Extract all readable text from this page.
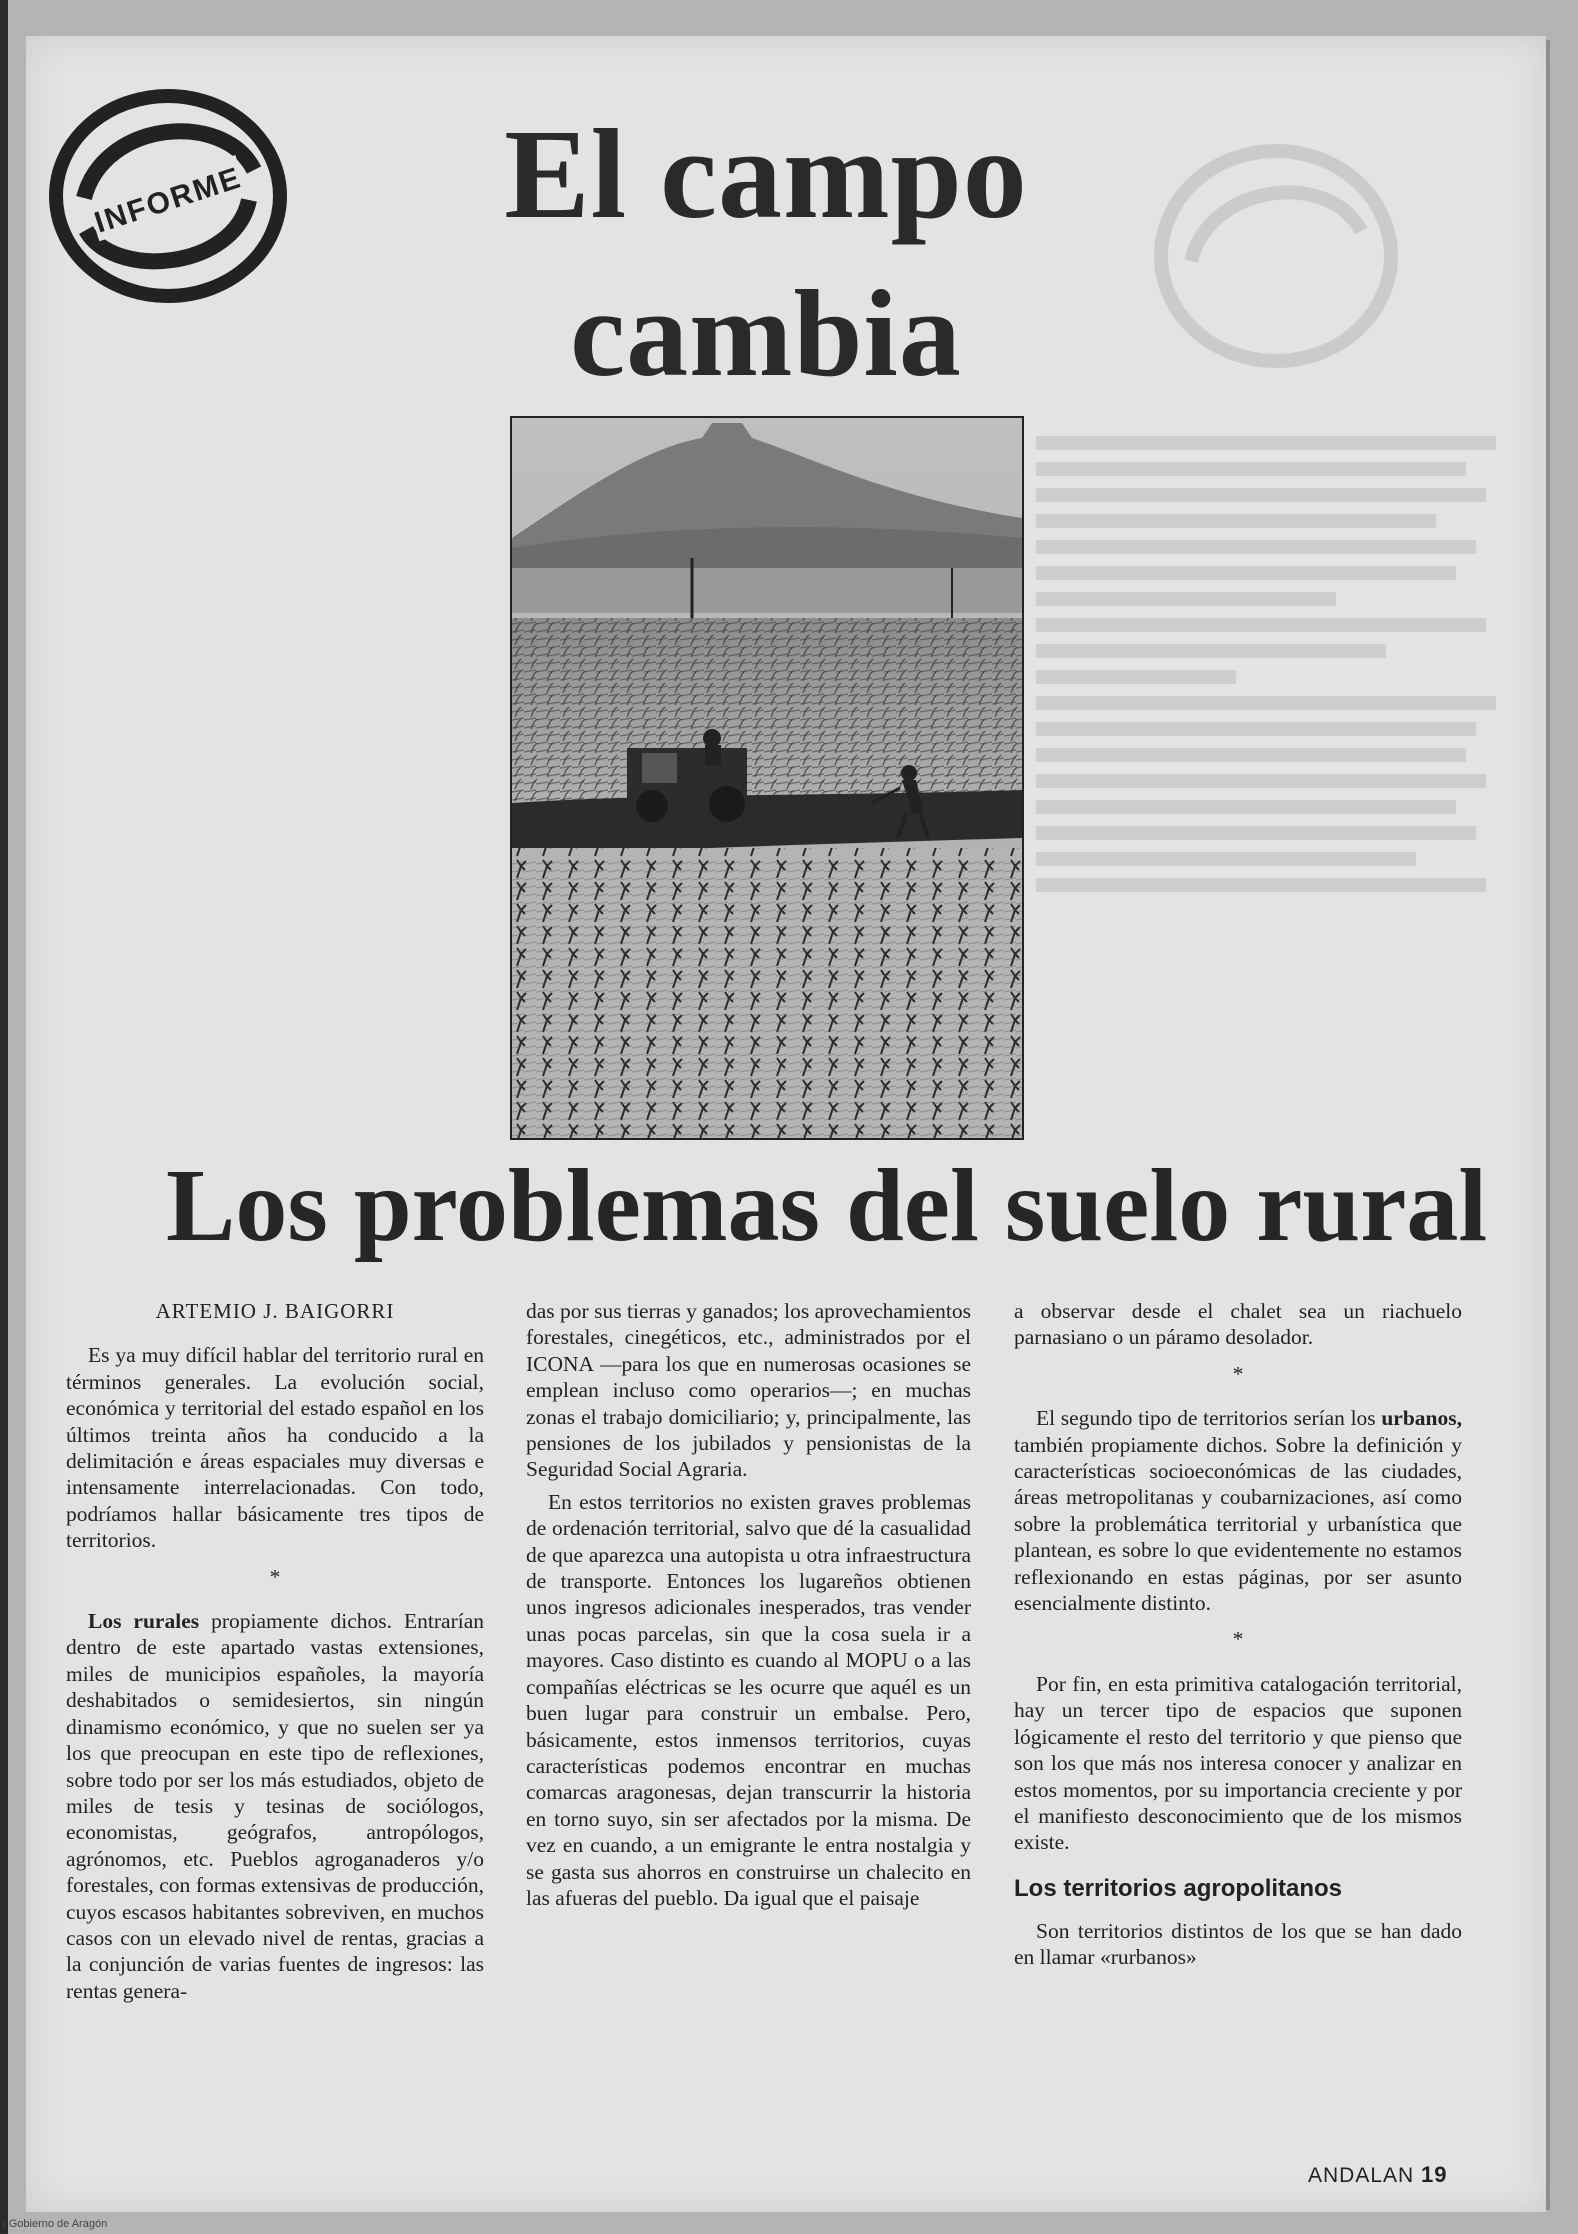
INFORME	El campo
cambia
Los problemas del suelo rural

ARTEMIO J. BAIGORRI

Es ya muy difícil hablar del territorio rural en términos generales. La evolución social, económica y territorial del estado español en los últimos treinta años ha conducido a la delimitación e áreas espaciales muy diversas e intensamente interrelacionadas. Con todo, podríamos hallar básicamente tres tipos de territorios.

*

Los rurales propiamente dichos. Entrarían dentro de este apartado vastas extensiones, miles de municipios españoles, la mayoría deshabitados o semidesiertos, sin ningún dinamismo económico, y que no suelen ser ya los que preocupan en este tipo de reflexiones, sobre todo por ser los más estudiados, objeto de miles de tesis y tesinas de sociólogos, economistas, geógrafos, antropólogos, agrónomos, etc. Pueblos agroganaderos y/o forestales, con formas extensivas de producción, cuyos escasos habitantes sobreviven, en muchos casos con un elevado nivel de rentas, gracias a la conjunción de varias fuentes de ingresos: las rentas genera-

das por sus tierras y ganados; los aprovechamientos forestales, cinegéticos, etc., administrados por el ICONA —para los que en numerosas ocasiones se emplean incluso como operarios—; en muchas zonas el trabajo domiciliario; y, principalmente, las pensiones de los jubilados y pensionistas de la Seguridad Social Agraria.

En estos territorios no existen graves problemas de ordenación territorial, salvo que dé la casualidad de que aparezca una autopista u otra infraestructura de transporte. Entonces los lugareños obtienen unos ingresos adicionales inesperados, tras vender unas pocas parcelas, sin que la cosa suela ir a mayores. Caso distinto es cuando al MOPU o a las compañías eléctricas se les ocurre que aquél es un buen lugar para construir un embalse. Pero, básicamente, estos inmensos territorios, cuyas características podemos encontrar en muchas comarcas aragonesas, dejan transcurrir la historia en torno suyo, sin ser afectados por la misma. De vez en cuando, a un emigrante le entra nostalgia y se gasta sus ahorros en construirse un chalecito en las afueras del pueblo. Da igual que el paisaje

a observar desde el chalet sea un riachuelo parnasiano o un páramo desolador.

*

El segundo tipo de territorios serían los urbanos, también propiamente dichos. Sobre la definición y características socioeconómicas de las ciudades, áreas metropolitanas y coubarnizaciones, así como sobre la problemática territorial y urbanística que plantean, es sobre lo que evidentemente no estamos reflexionando en estas páginas, por ser asunto esencialmente distinto.

*

Por fin, en esta primitiva catalogación territorial, hay un tercer tipo de espacios que suponen lógicamente el resto del territorio y que pienso que son los que más nos interesa conocer y analizar en estos momentos, por su importancia creciente y por el manifiesto desconocimiento que de los mismos existe.

Los territorios agropolitanos

Son territorios distintos de los que se han dado en llamar «rurbanos»

ANDALAN 19
) Gobierno de Aragón
